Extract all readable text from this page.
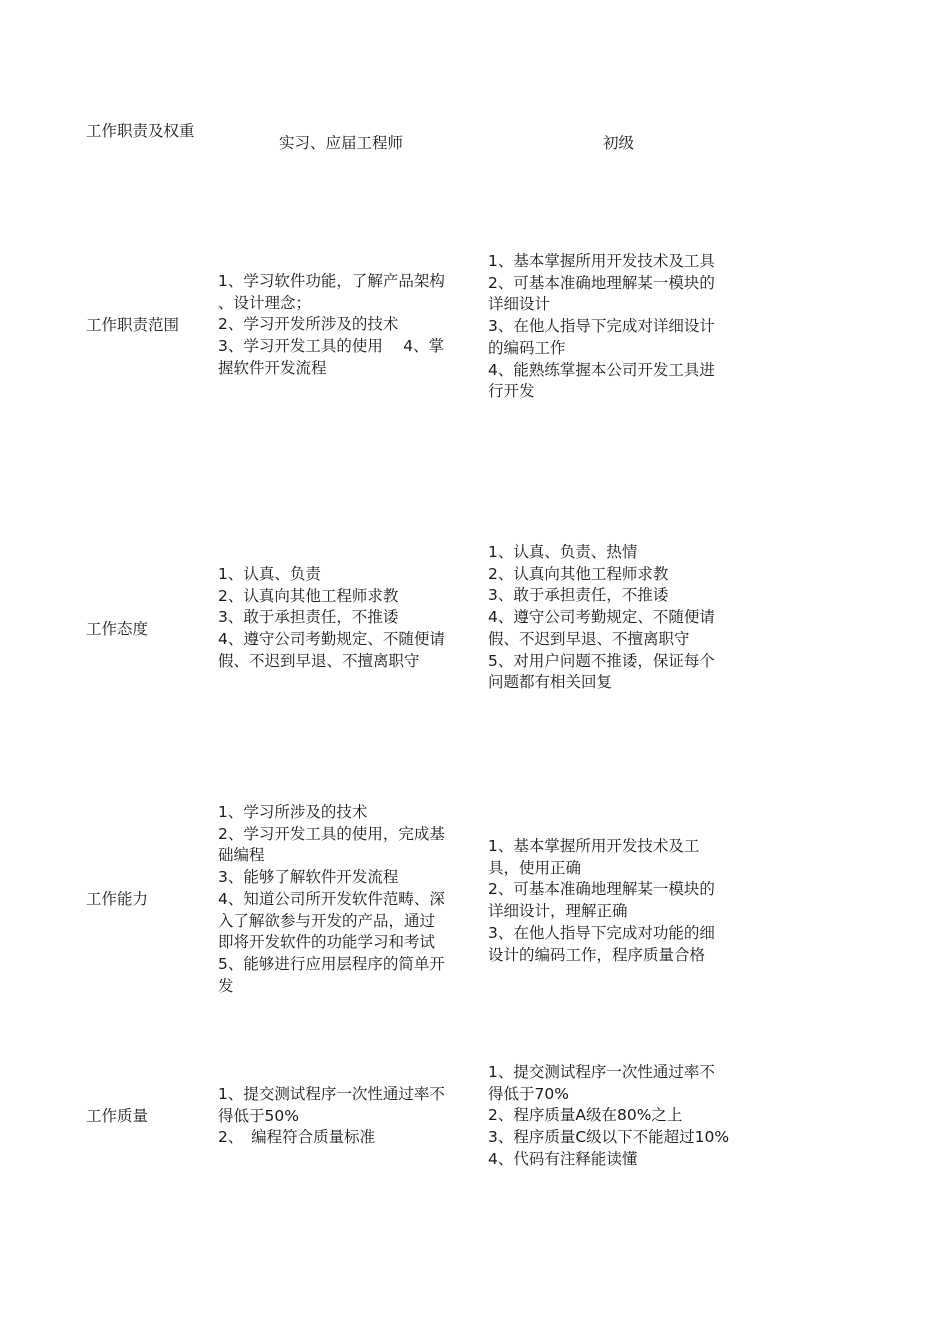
工作职责及权重
实习、应届工程师	初级
工作职责范围
1、学习软件功能，了解产品架构
、设计理念；
2、学习开发所涉及的技术
3、学习开发工具的使用　 4、掌
握软件开发流程
1、基本掌握所用开发技术及工具
2、可基本准确地理解某一模块的
详细设计
3、在他人指导下完成对详细设计
的编码工作
4、能熟练掌握本公司开发工具进
行开发
工作态度
1、认真、负责
2、认真向其他工程师求教
3、敢于承担责任，不推诿
4、遵守公司考勤规定、不随便请
假、不迟到早退、不擅离职守
1、认真、负责、热情
2、认真向其他工程师求教
3、敢于承担责任，不推诿
4、遵守公司考勤规定、不随便请
假、不迟到早退、不擅离职守
5、对用户问题不推诿，保证每个
问题都有相关回复
工作能力
1、学习所涉及的技术
2、学习开发工具的使用，完成基
础编程
3、能够了解软件开发流程
4、知道公司所开发软件范畴、深
入了解欲参与开发的产品，通过
即将开发软件的功能学习和考试
5、能够进行应用层程序的简单开
发
1、基本掌握所用开发技术及工
具，使用正确
2、可基本准确地理解某一模块的
详细设计，理解正确
3、在他人指导下完成对功能的细
设计的编码工作，程序质量合格
工作质量
1、提交测试程序一次性通过率不
得低于50%
2、　编程符合质量标准
1、提交测试程序一次性通过率不
得低于70%
2、程序质量A级在80%之上
3、程序质量C级以下不能超过10%
4、代码有注释能读懂
